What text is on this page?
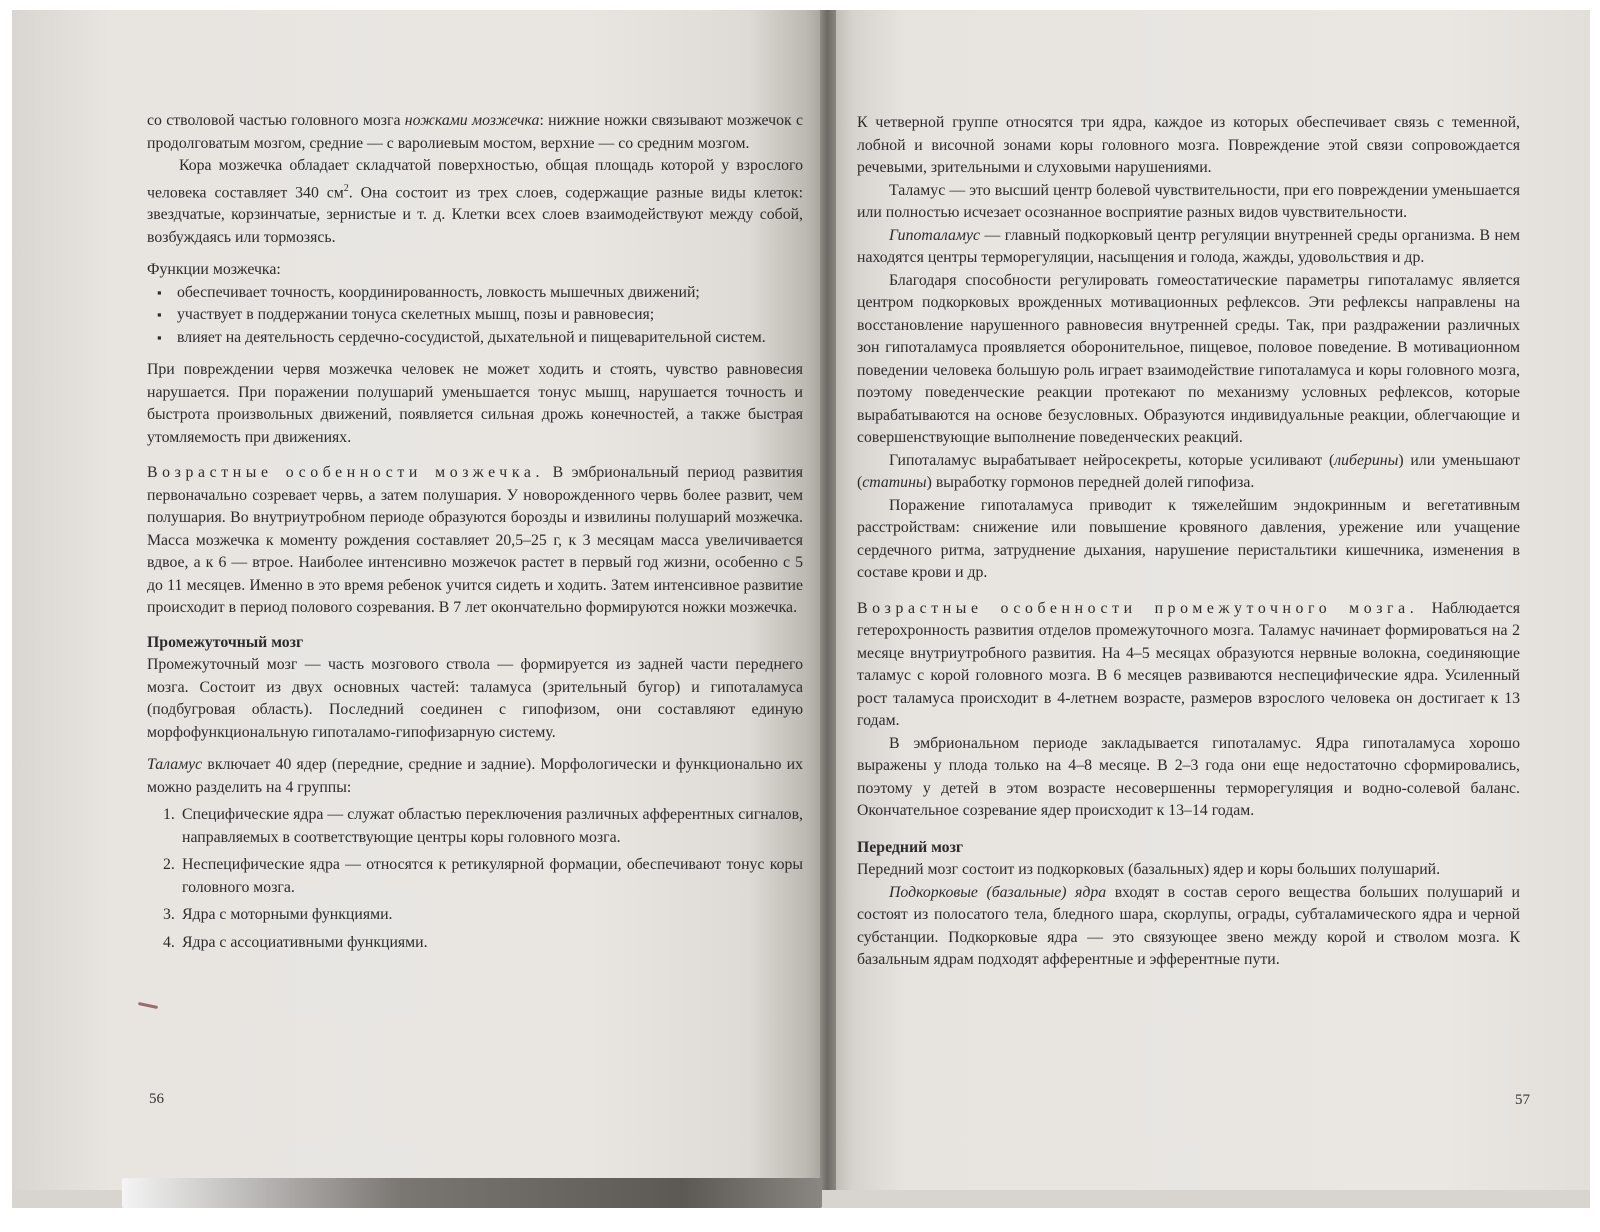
со стволовой частью головного мозга ножками мозжечка: нижние ножки связывают мозжечок с продолговатым мозгом, средние — с варолиевым мостом, верхние — со средним мозгом.

Кора мозжечка обладает складчатой поверхностью, общая площадь которой у взрослого человека составляет 340 $см^2$. Она состоит из трех слоев, содержащие разные виды клеток: звездчатые, корзинчатые, зернистые и т. д. Клетки всех слоев взаимодействуют между собой, возбуждаясь или тормозясь.

Функции мозжечка:

▪ обеспечивает точность, координированность, ловкость мышечных движений;
▪ участвует в поддержании тонуса скелетных мышц, позы и равновесия;
▪ влияет на деятельность сердечно-сосудистой, дыхательной и пищеварительной систем.

При повреждении червя мозжечка человек не может ходить и стоять, чувство равновесия нарушается. При поражении полушарий уменьшается тонус мышц, нарушается точность и быстрота произвольных движений, появляется сильная дрожь конечностей, а также быстрая утомляемость при движениях.

Возрастные особенности мозжечка. В эмбриональный период развития первоначально созревает червь, а затем полушария. У новорожденного червь более развит, чем полушария. Во внутриутробном периоде образуются борозды и извилины полушарий мозжечка. Масса мозжечка к моменту рождения составляет 20,5–25 г, к 3 месяцам масса увеличивается вдвое, а к 6 — втрое. Наиболее интенсивно мозжечок растет в первый год жизни, особенно с 5 до 11 месяцев. Именно в это время ребенок учится сидеть и ходить. Затем интенсивное развитие происходит в период полового созревания. В 7 лет окончательно формируются ножки мозжечка.

Промежуточный мозг

Промежуточный мозг — часть мозгового ствола — формируется из задней части переднего мозга. Состоит из двух основных частей: таламуса (зрительный бугор) и гипоталамуса (подбугровая область). Последний соединен с гипофизом, они составляют единую морфофункциональную гипоталамо-гипофизарную систему.

Таламус включает 40 ядер (передние, средние и задние). Морфологически и функционально их можно разделить на 4 группы:

1. Специфические ядра — служат областью переключения различных афферентных сигналов, направляемых в соответствующие центры коры головного мозга.
2. Неспецифические ядра — относятся к ретикулярной формации, обеспечивают тонус коры головного мозга.
3. Ядра с моторными функциями.
4. Ядра с ассоциативными функциями.
56

К четверной группе относятся три ядра, каждое из которых обеспечивает связь с теменной, лобной и височной зонами коры головного мозга. Повреждение этой связи сопровождается речевыми, зрительными и слуховыми нарушениями.

Таламус — это высший центр болевой чувствительности, при его повреждении уменьшается или полностью исчезает осознанное восприятие разных видов чувствительности.

Гипоталамус — главный подкорковый центр регуляции внутренней среды организма. В нем находятся центры терморегуляции, насыщения и голода, жажды, удовольствия и др.

Благодаря способности регулировать гомеостатические параметры гипоталамус является центром подкорковых врожденных мотивационных рефлексов. Эти рефлексы направлены на восстановление нарушенного равновесия внутренней среды. Так, при раздражении различных зон гипоталамуса проявляется оборонительное, пищевое, половое поведение. В мотивационном поведении человека большую роль играет взаимодействие гипоталамуса и коры головного мозга, поэтому поведенческие реакции протекают по механизму условных рефлексов, которые вырабатываются на основе безусловных. Образуются индивидуальные реакции, облегчающие и совершенствующие выполнение поведенческих реакций.

Гипоталамус вырабатывает нейросекреты, которые усиливают (либерины) или уменьшают (статины) выработку гормонов передней долей гипофиза.

Поражение гипоталамуса приводит к тяжелейшим эндокринным и вегетативным расстройствам: снижение или повышение кровяного давления, урежение или учащение сердечного ритма, затруднение дыхания, нарушение перистальтики кишечника, изменения в составе крови и др.

Возрастные особенности промежуточного мозга. Наблюдается гетерохронность развития отделов промежуточного мозга. Таламус начинает формироваться на 2 месяце внутриутробного развития. На 4–5 месяцах образуются нервные волокна, соединяющие таламус с корой головного мозга. В 6 месяцев развиваются неспецифические ядра. Усиленный рост таламуса происходит в 4-летнем возрасте, размеров взрослого человека он достигает к 13 годам.

В эмбриональном периоде закладывается гипоталамус. Ядра гипоталамуса хорошо выражены у плода только на 4–8 месяце. В 2–3 года они еще недостаточно сформировались, поэтому у детей в этом возрасте несовершенны терморегуляция и водно-солевой баланс. Окончательное созревание ядер происходит к 13–14 годам.

Передний мозг

Передний мозг состоит из подкорковых (базальных) ядер и коры больших полушарий.

Подкорковые (базальные) ядра входят в состав серого вещества больших полушарий и состоят из полосатого тела, бледного шара, скорлупы, ограды, субталамического ядра и черной субстанции. Подкорковые ядра — это связующее звено между корой и стволом мозга. К базальным ядрам подходят афферентные и эфферентные пути.

57
